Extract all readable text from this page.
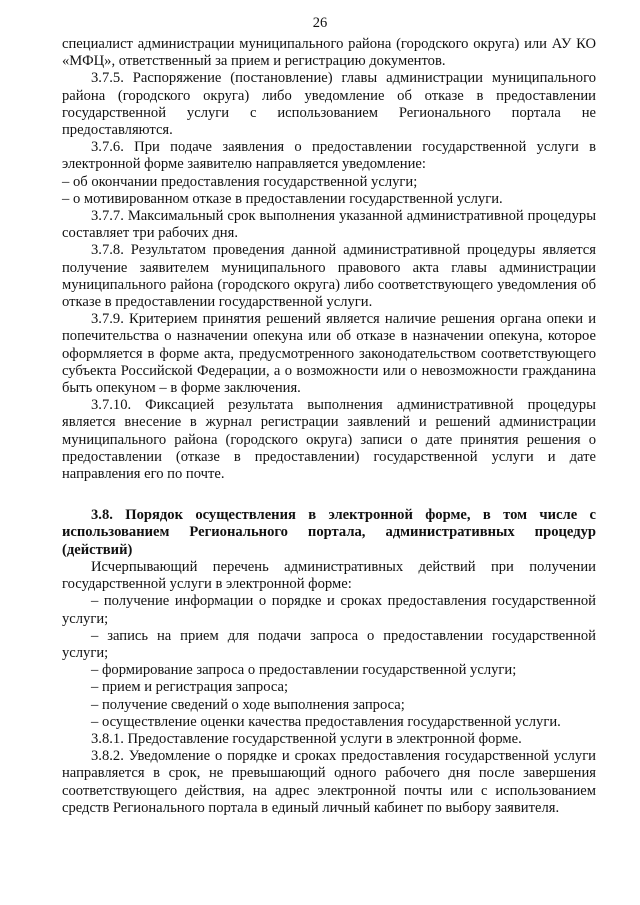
26

специалист администрации муниципального района (городского округа) или АУ КО «МФЦ», ответственный за прием и регистрацию документов.

3.7.5. Распоряжение (постановление) главы администрации муниципального района (городского округа) либо уведомление об отказе в предоставлении государственной услуги с использованием Регионального портала не предоставляются.

3.7.6. При подаче заявления о предоставлении государственной услуги в электронной форме заявителю направляется уведомление:

– об окончании предоставления государственной услуги;

– о мотивированном отказе в предоставлении государственной услуги.

3.7.7. Максимальный срок выполнения указанной административной процедуры составляет три рабочих дня.

3.7.8. Результатом проведения данной административной процедуры является получение заявителем муниципального правового акта главы администрации муниципального района (городского округа) либо соответствующего уведомления об отказе в предоставлении государственной услуги.

3.7.9. Критерием принятия решений является наличие решения органа опеки и попечительства о назначении опекуна или об отказе в назначении опекуна, которое оформляется в форме акта, предусмотренного законодательством соответствующего субъекта Российской Федерации, а о возможности или о невозможности гражданина быть опекуном – в форме заключения.

3.7.10. Фиксацией результата выполнения административной процедуры является внесение в журнал регистрации заявлений и решений администрации муниципального района (городского округа) записи о дате принятия решения о предоставлении (отказе в предоставлении) государственной услуги и дате направления его по почте.

3.8. Порядок осуществления в электронной форме, в том числе с использованием Регионального портала, административных процедур (действий)

Исчерпывающий перечень административных действий при получении государственной услуги в электронной форме:

– получение информации о порядке и сроках предоставления государственной услуги;

– запись на прием для подачи запроса о предоставлении государственной услуги;

– формирование запроса о предоставлении государственной услуги;

– прием и регистрация запроса;

– получение сведений о ходе выполнения запроса;

– осуществление оценки качества предоставления государственной услуги.

3.8.1. Предоставление государственной услуги в электронной форме.

3.8.2. Уведомление о порядке и сроках предоставления государственной услуги направляется в срок, не превышающий одного рабочего дня после завершения соответствующего действия, на адрес электронной почты или с использованием средств Регионального портала в единый личный кабинет по выбору заявителя.
